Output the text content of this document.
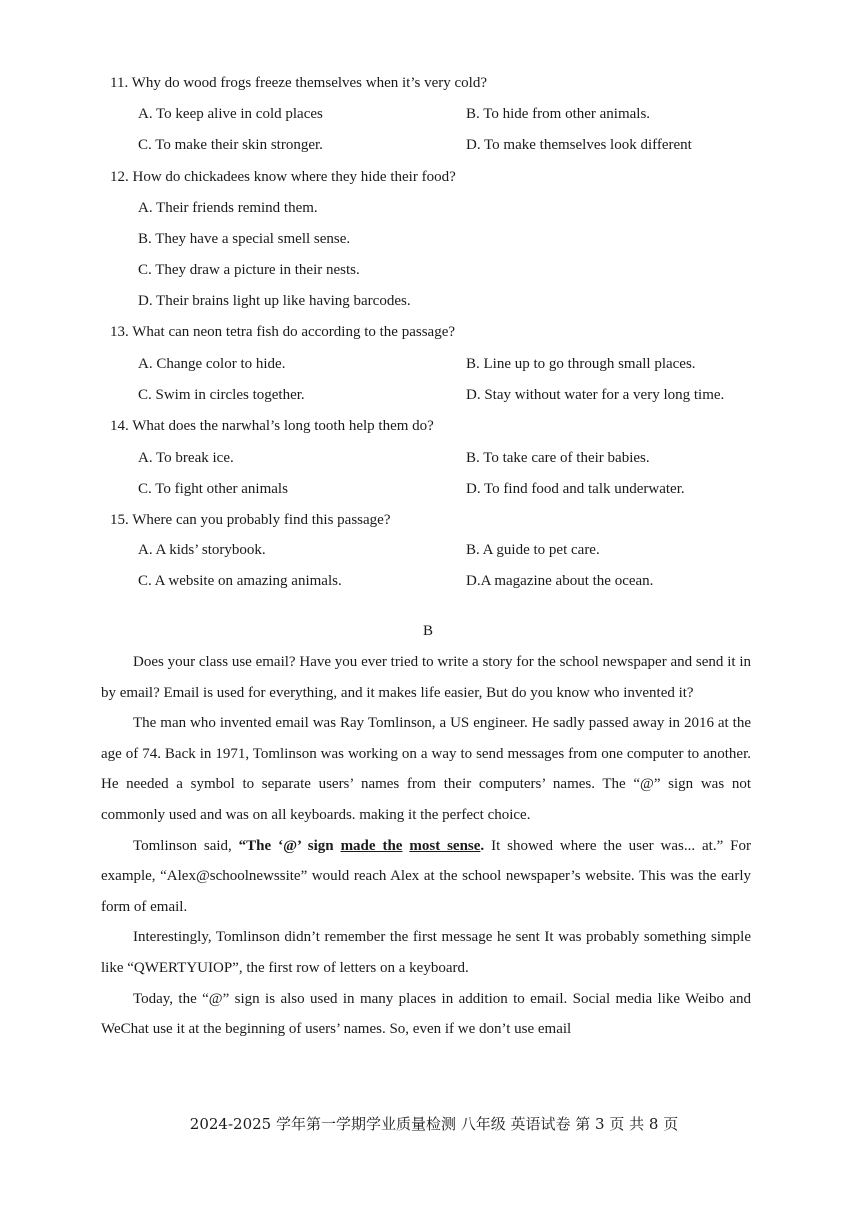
11. Why do wood frogs freeze themselves when it’s very cold?
A. To keep alive in cold places	B. To hide from other animals.
C. To make their skin stronger.	D. To make themselves look different
12. How do chickadees know where they hide their food?
A. Their friends remind them.
B. They have a special smell sense.
C. They draw a picture in their nests.
D. Their brains light up like having barcodes.
13. What can neon tetra fish do according to the passage?
A. Change color to hide.	B. Line up to go through small places.
C. Swim in circles together.	D. Stay without water for a very long time.
14. What does the narwhal’s long tooth help them do?
A. To break ice.	B. To take care of their babies.
C. To fight other animals	D. To find food and talk underwater.
15. Where can you probably find this passage?
A. A kids’ storybook.	B. A guide to pet care.
C. A website on amazing animals.	D.A magazine about the ocean.
B

Does your class use email? Have you ever tried to write a story for the school newspaper and send it in by email? Email is used for everything, and it makes life easier, But do you know who invented it?

The man who invented email was Ray Tomlinson, a US engineer. He sadly passed away in 2016 at the age of 74. Back in 1971, Tomlinson was working on a way to send messages from one computer to another. He needed a symbol to separate users’ names from their computers’ names. The “@” sign was not commonly used and was on all keyboards. making it the perfect choice.

Tomlinson said, “The ‘@’ sign made the most sense. It showed where the user was... at.” For example, “Alex@schoolnewssite” would reach Alex at the school newspaper’s website. This was the early form of email.

Interestingly, Tomlinson didn’t remember the first message he sent It was probably something simple like “QWERTYUIOP”, the first row of letters on a keyboard.

Today, the “@” sign is also used in many places in addition to email. Social media like Weibo and WeChat use it at the beginning of users’ names. So, even if we don’t use email

2024-2025 学年第一学期学业质量检测 八年级 英语试卷 第 3 页 共 8 页
